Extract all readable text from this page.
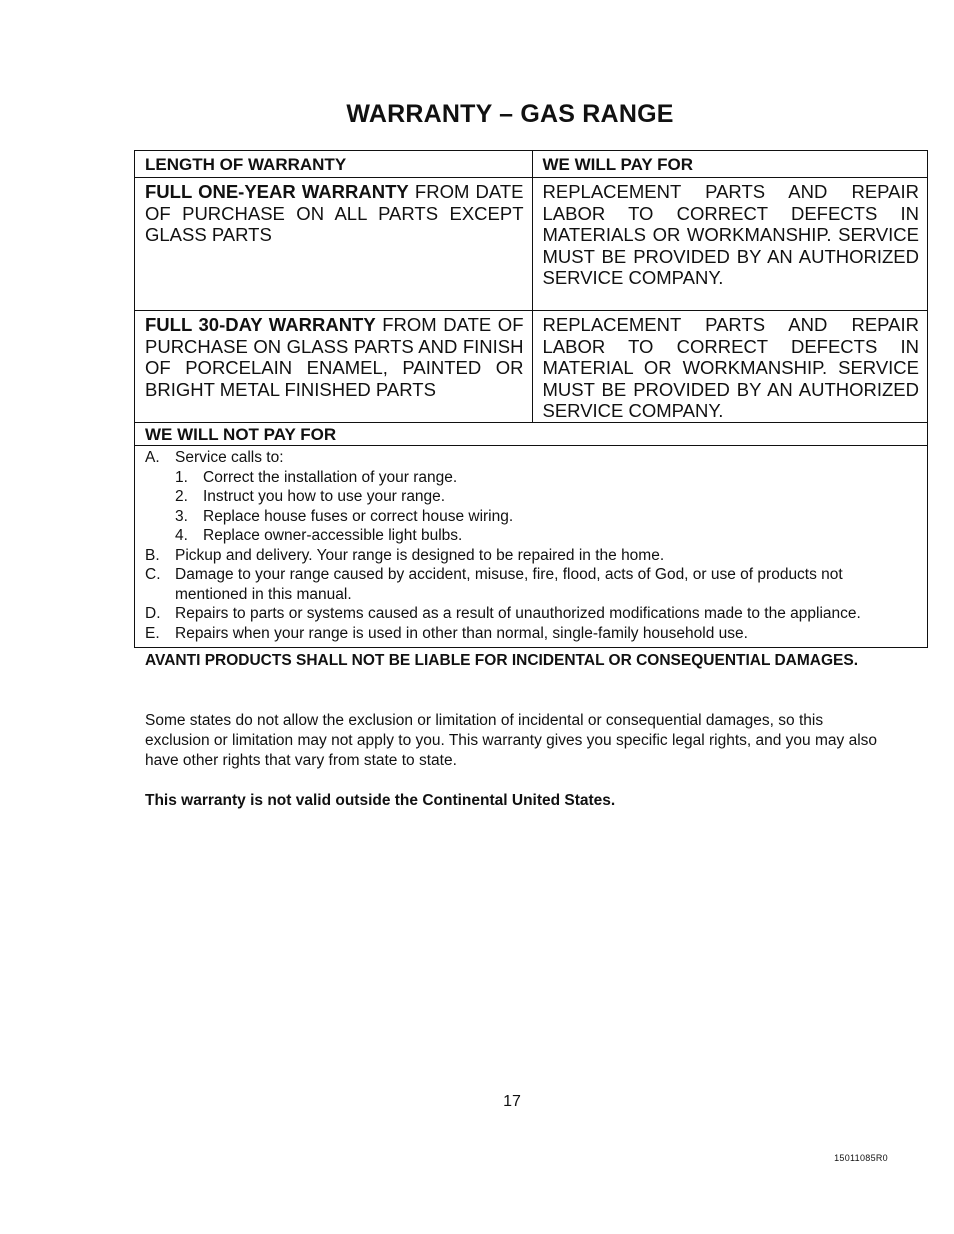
WARRANTY – GAS RANGE
LENGTH OF WARRANTY	WE WILL PAY FOR
FULL ONE-YEAR WARRANTY FROM DATE OF PURCHASE ON ALL PARTS EXCEPT GLASS PARTS
REPLACEMENT PARTS AND REPAIR LABOR TO CORRECT DEFECTS IN MATERIALS OR WORKMANSHIP. SERVICE MUST BE PROVIDED BY AN AUTHORIZED SERVICE COMPANY.
FULL 30-DAY WARRANTY FROM DATE OF PURCHASE ON GLASS PARTS AND FINISH OF PORCELAIN ENAMEL, PAINTED OR BRIGHT METAL FINISHED PARTS
REPLACEMENT PARTS AND REPAIR LABOR TO CORRECT DEFECTS IN MATERIAL OR WORKMANSHIP. SERVICE MUST BE PROVIDED BY AN AUTHORIZED SERVICE COMPANY.
WE WILL NOT PAY FOR
A. Service calls to:
1. Correct the installation of your range.
2. Instruct you how to use your range.
3. Replace house fuses or correct house wiring.
4. Replace owner-accessible light bulbs.
B. Pickup and delivery. Your range is designed to be repaired in the home.
C. Damage to your range caused by accident, misuse, fire, flood, acts of God, or use of products not mentioned in this manual.
D. Repairs to parts or systems caused as a result of unauthorized modifications made to the appliance.
E. Repairs when your range is used in other than normal, single-family household use.
AVANTI PRODUCTS SHALL NOT BE LIABLE FOR INCIDENTAL OR CONSEQUENTIAL DAMAGES.
Some states do not allow the exclusion or limitation of incidental or consequential damages, so this exclusion or limitation may not apply to you. This warranty gives you specific legal rights, and you may also have other rights that vary from state to state.
This warranty is not valid outside the Continental United States.
17
15011085R0
